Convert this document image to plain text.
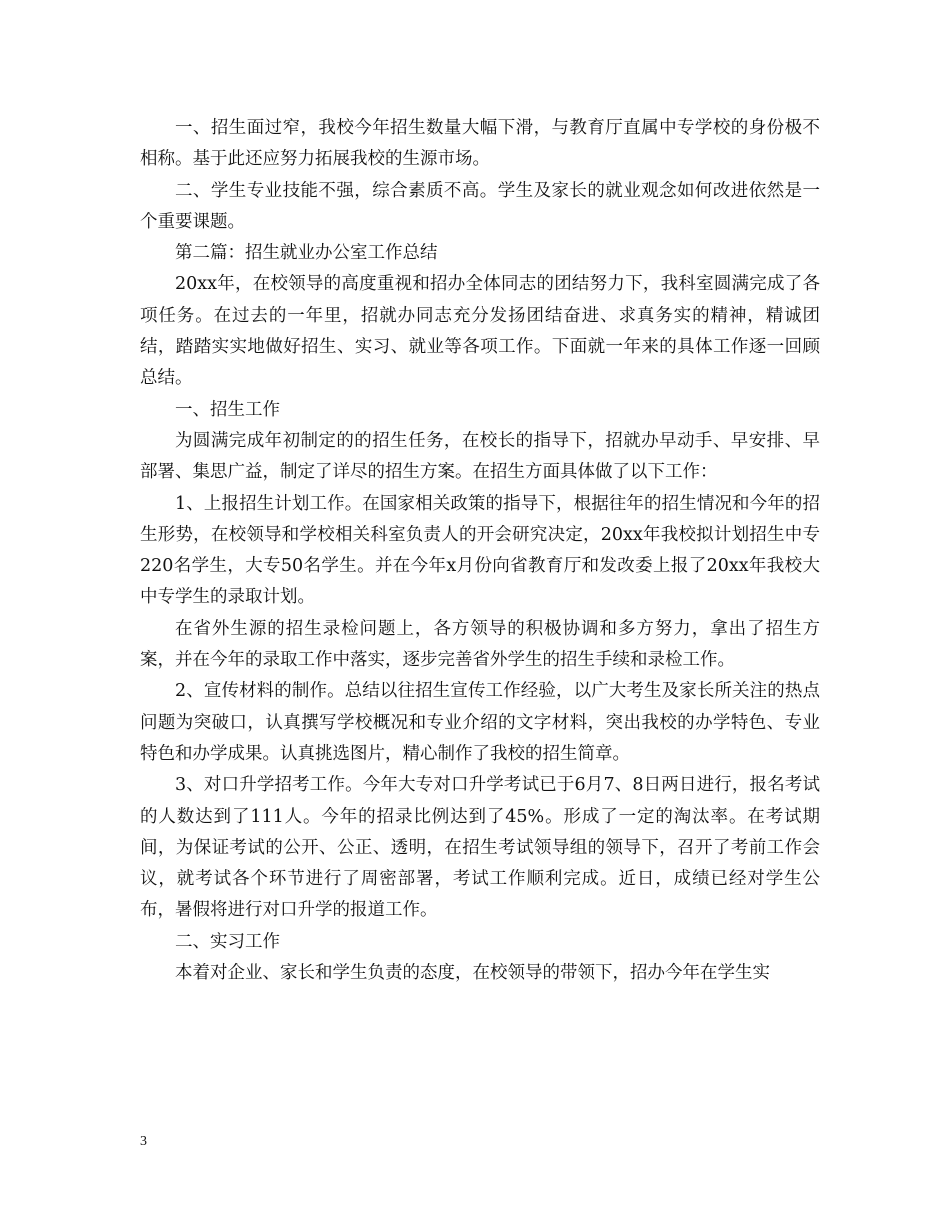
一、招生面过窄，我校今年招生数量大幅下滑，与教育厅直属中专学校的身份极不相称。基于此还应努力拓展我校的生源市场。

二、学生专业技能不强，综合素质不高。学生及家长的就业观念如何改进依然是一个重要课题。

第二篇：招生就业办公室工作总结

20xx年，在校领导的高度重视和招办全体同志的团结努力下，我科室圆满完成了各项任务。在过去的一年里，招就办同志充分发扬团结奋进、求真务实的精神，精诚团结，踏踏实实地做好招生、实习、就业等各项工作。下面就一年来的具体工作逐一回顾总结。

一、招生工作

为圆满完成年初制定的的招生任务，在校长的指导下，招就办早动手、早安排、早部署、集思广益，制定了详尽的招生方案。在招生方面具体做了以下工作：

1、上报招生计划工作。在国家相关政策的指导下，根据往年的招生情况和今年的招生形势，在校领导和学校相关科室负责人的开会研究决定，20xx年我校拟计划招生中专220名学生，大专50名学生。并在今年x月份向省教育厅和发改委上报了20xx年我校大中专学生的录取计划。

在省外生源的招生录检问题上，各方领导的积极协调和多方努力，拿出了招生方案，并在今年的录取工作中落实，逐步完善省外学生的招生手续和录检工作。

2、宣传材料的制作。总结以往招生宣传工作经验，以广大考生及家长所关注的热点问题为突破口，认真撰写学校概况和专业介绍的文字材料，突出我校的办学特色、专业特色和办学成果。认真挑选图片，精心制作了我校的招生简章。

3、对口升学招考工作。今年大专对口升学考试已于6月7、8日两日进行，报名考试的人数达到了111人。今年的招录比例达到了45%。形成了一定的淘汰率。在考试期间，为保证考试的公开、公正、透明，在招生考试领导组的领导下，召开了考前工作会议，就考试各个环节进行了周密部署，考试工作顺利完成。近日，成绩已经对学生公布，暑假将进行对口升学的报道工作。

二、实习工作

本着对企业、家长和学生负责的态度，在校领导的带领下，招办今年在学生实

3
